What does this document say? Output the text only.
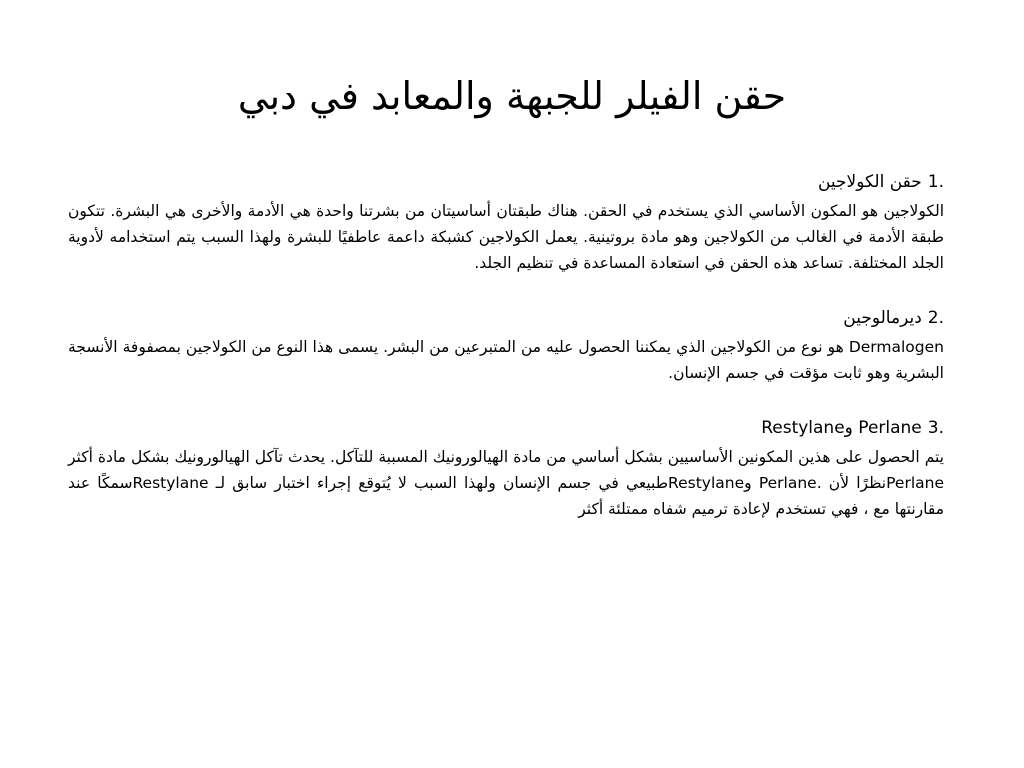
حقن الفيلر للجبهة والمعابد في دبي
1.
حقن الكولاجين

الكولاجين هو المكون الأساسي الذي يستخدم في الحقن. هناك طبقتان أساسيتان من بشرتنا واحدة هي الأدمة والأخرى هي البشرة. تتكون طبقة الأدمة في الغالب من الكولاجين وهو مادة بروتينية. يعمل الكولاجين كشبكة داعمة عاطفيًا للبشرة ولهذا السبب يتم استخدامه لأدوية الجلد المختلفة. تساعد هذه الحقن في استعادة المساعدة في تنظيم الجلد.

2.
ديرمالوجين

Dermalogen هو نوع من الكولاجين الذي يمكننا الحصول عليه من المتبرعين من البشر. يسمى هذا النوع من الكولاجين بمصفوفة الأنسجة البشرية وهو ثابت مؤقت في جسم الإنسان.

3.
Perlane وRestylane

يتم الحصول على هذين المكونين الأساسيين بشكل أساسي من مادة الهيالورونيك المسببة للتآكل. يحدث تآكل الهيالورونيك بشكل مادة أكثر Perlaneنظرًا لأن .Perlane وRestylaneطبيعي في جسم الإنسان ولهذا السبب لا يُتوقع إجراء اختبار سابق لـ Restylaneسمكًا عند مقارنتها مع ، فهي تستخدم لإعادة ترميم شفاه ممتلئة أكثر
